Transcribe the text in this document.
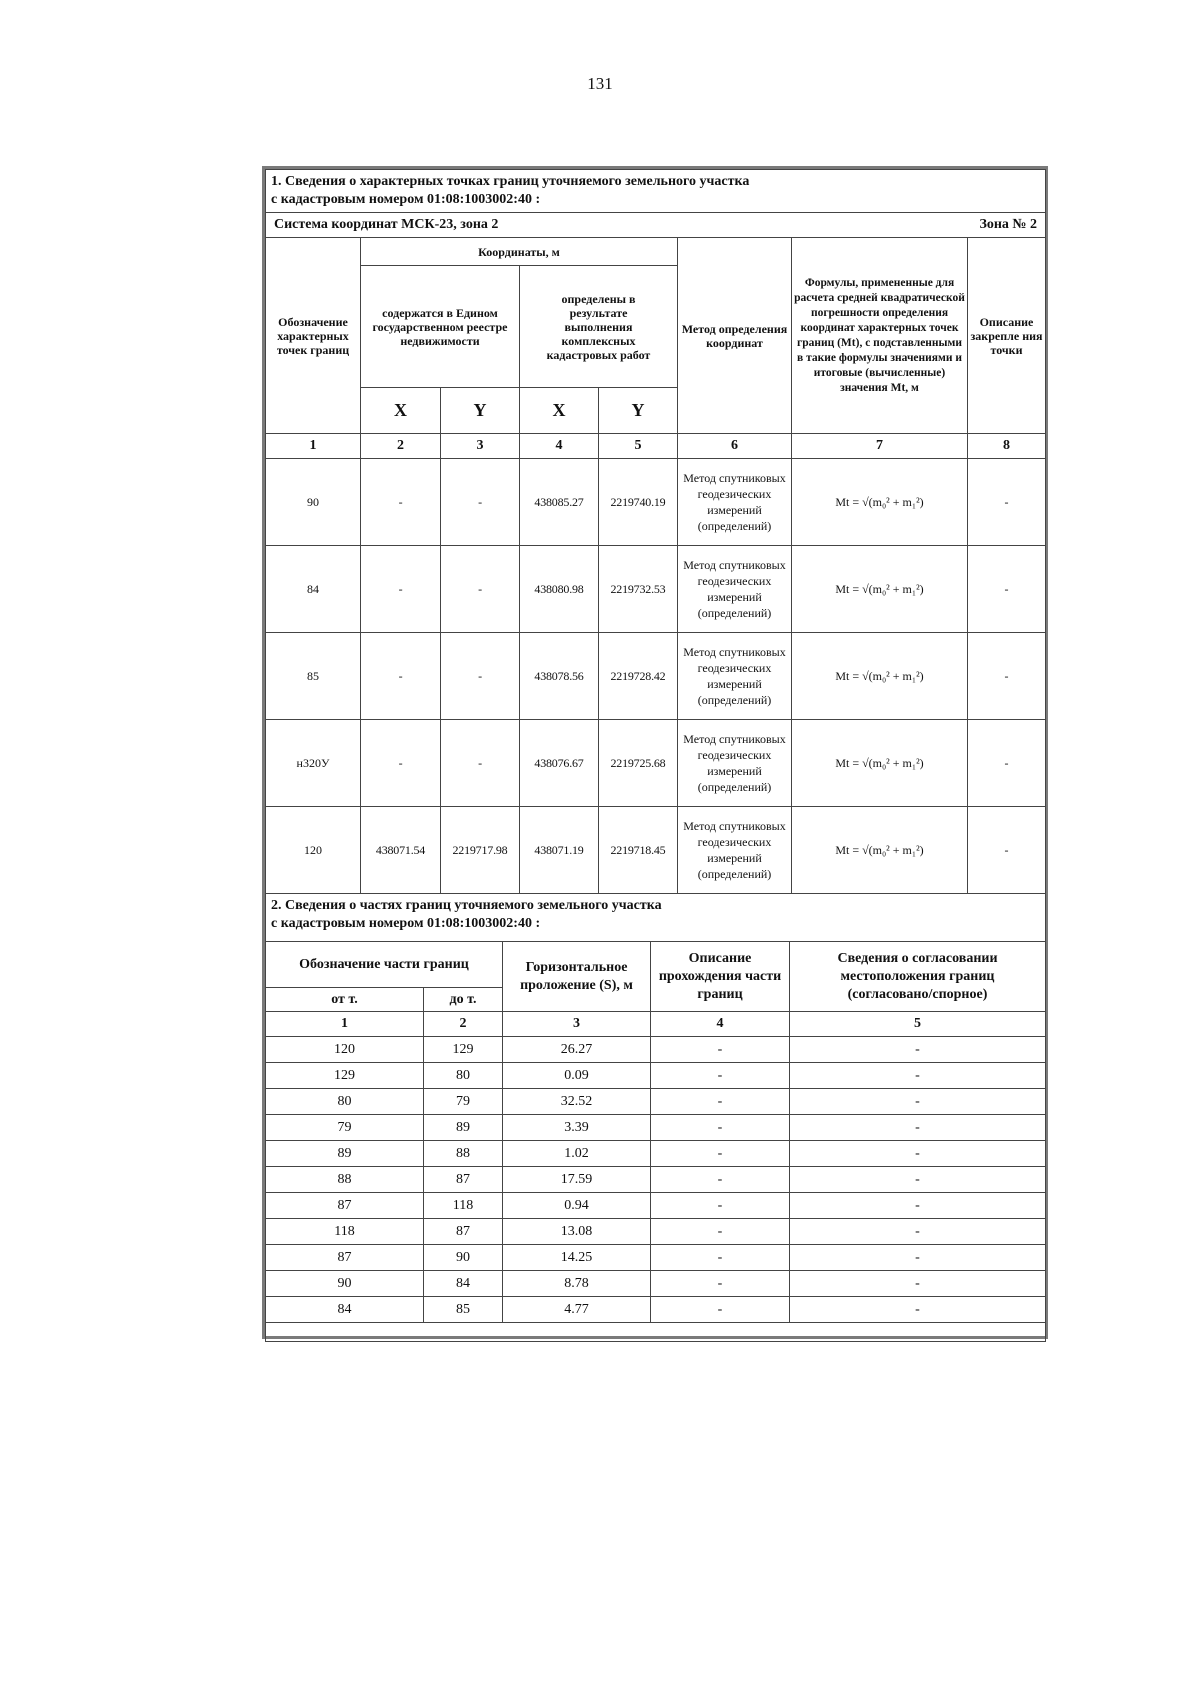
131
1. Сведения о характерных точках границ уточняемого земельного участка
с кадастровым номером 01:08:1003002:40 :							

Система координат МСК-23, зона 2						Зона № 2	
Обозначение характерных точек границ	Координаты, м				Метод определения координат	Формулы, примененные для расчета средней квадратической погрешности определения координат характерных точек границ (Mt), с подставленными в такие формулы значениями и итоговые (вычисленные) значения Mt, м	Описание закрепле ния точки
	содержатся в Едином государственном реестре недвижимости		определены в результате выполнения комплексных кадастровых работ				
	X	Y	X	Y			
1	2	3	4	5	6	7	8
90	-	-	438085.27	2219740.19	Метод спутниковых геодезических измерений (определений)	Mt = √(m₀² + m₁²)	-
84	-	-	438080.98	2219732.53	Метод спутниковых геодезических измерений (определений)	Mt = √(m₀² + m₁²)	-
85	-	-	438078.56	2219728.42	Метод спутниковых геодезических измерений (определений)	Mt = √(m₀² + m₁²)	-
н320У	-	-	438076.67	2219725.68	Метод спутниковых геодезических измерений (определений)	Mt = √(m₀² + m₁²)	-
120	438071.54	2219717.98	438071.19	2219718.45	Метод спутниковых геодезических измерений (определений)	Mt = √(m₀² + m₁²)	-
2. Сведения о частях границ уточняемого земельного участка
с кадастровым номером 01:08:1003002:40 :				

Обозначение части границ		Горизонтальное проложение (S), м	Описание прохождения части границ	Сведения о согласовании местоположения границ (согласовано/спорное)
от т.	до т.			
1	2	3	4	5
120	129	26.27	-	-
129	80	0.09	-	-
80	79	32.52	-	-
79	89	3.39	-	-
89	88	1.02	-	-
88	87	17.59	-	-
87	118	0.94	-	-
118	87	13.08	-	-
87	90	14.25	-	-
90	84	8.78	-	-
84	85	4.77	-	-
